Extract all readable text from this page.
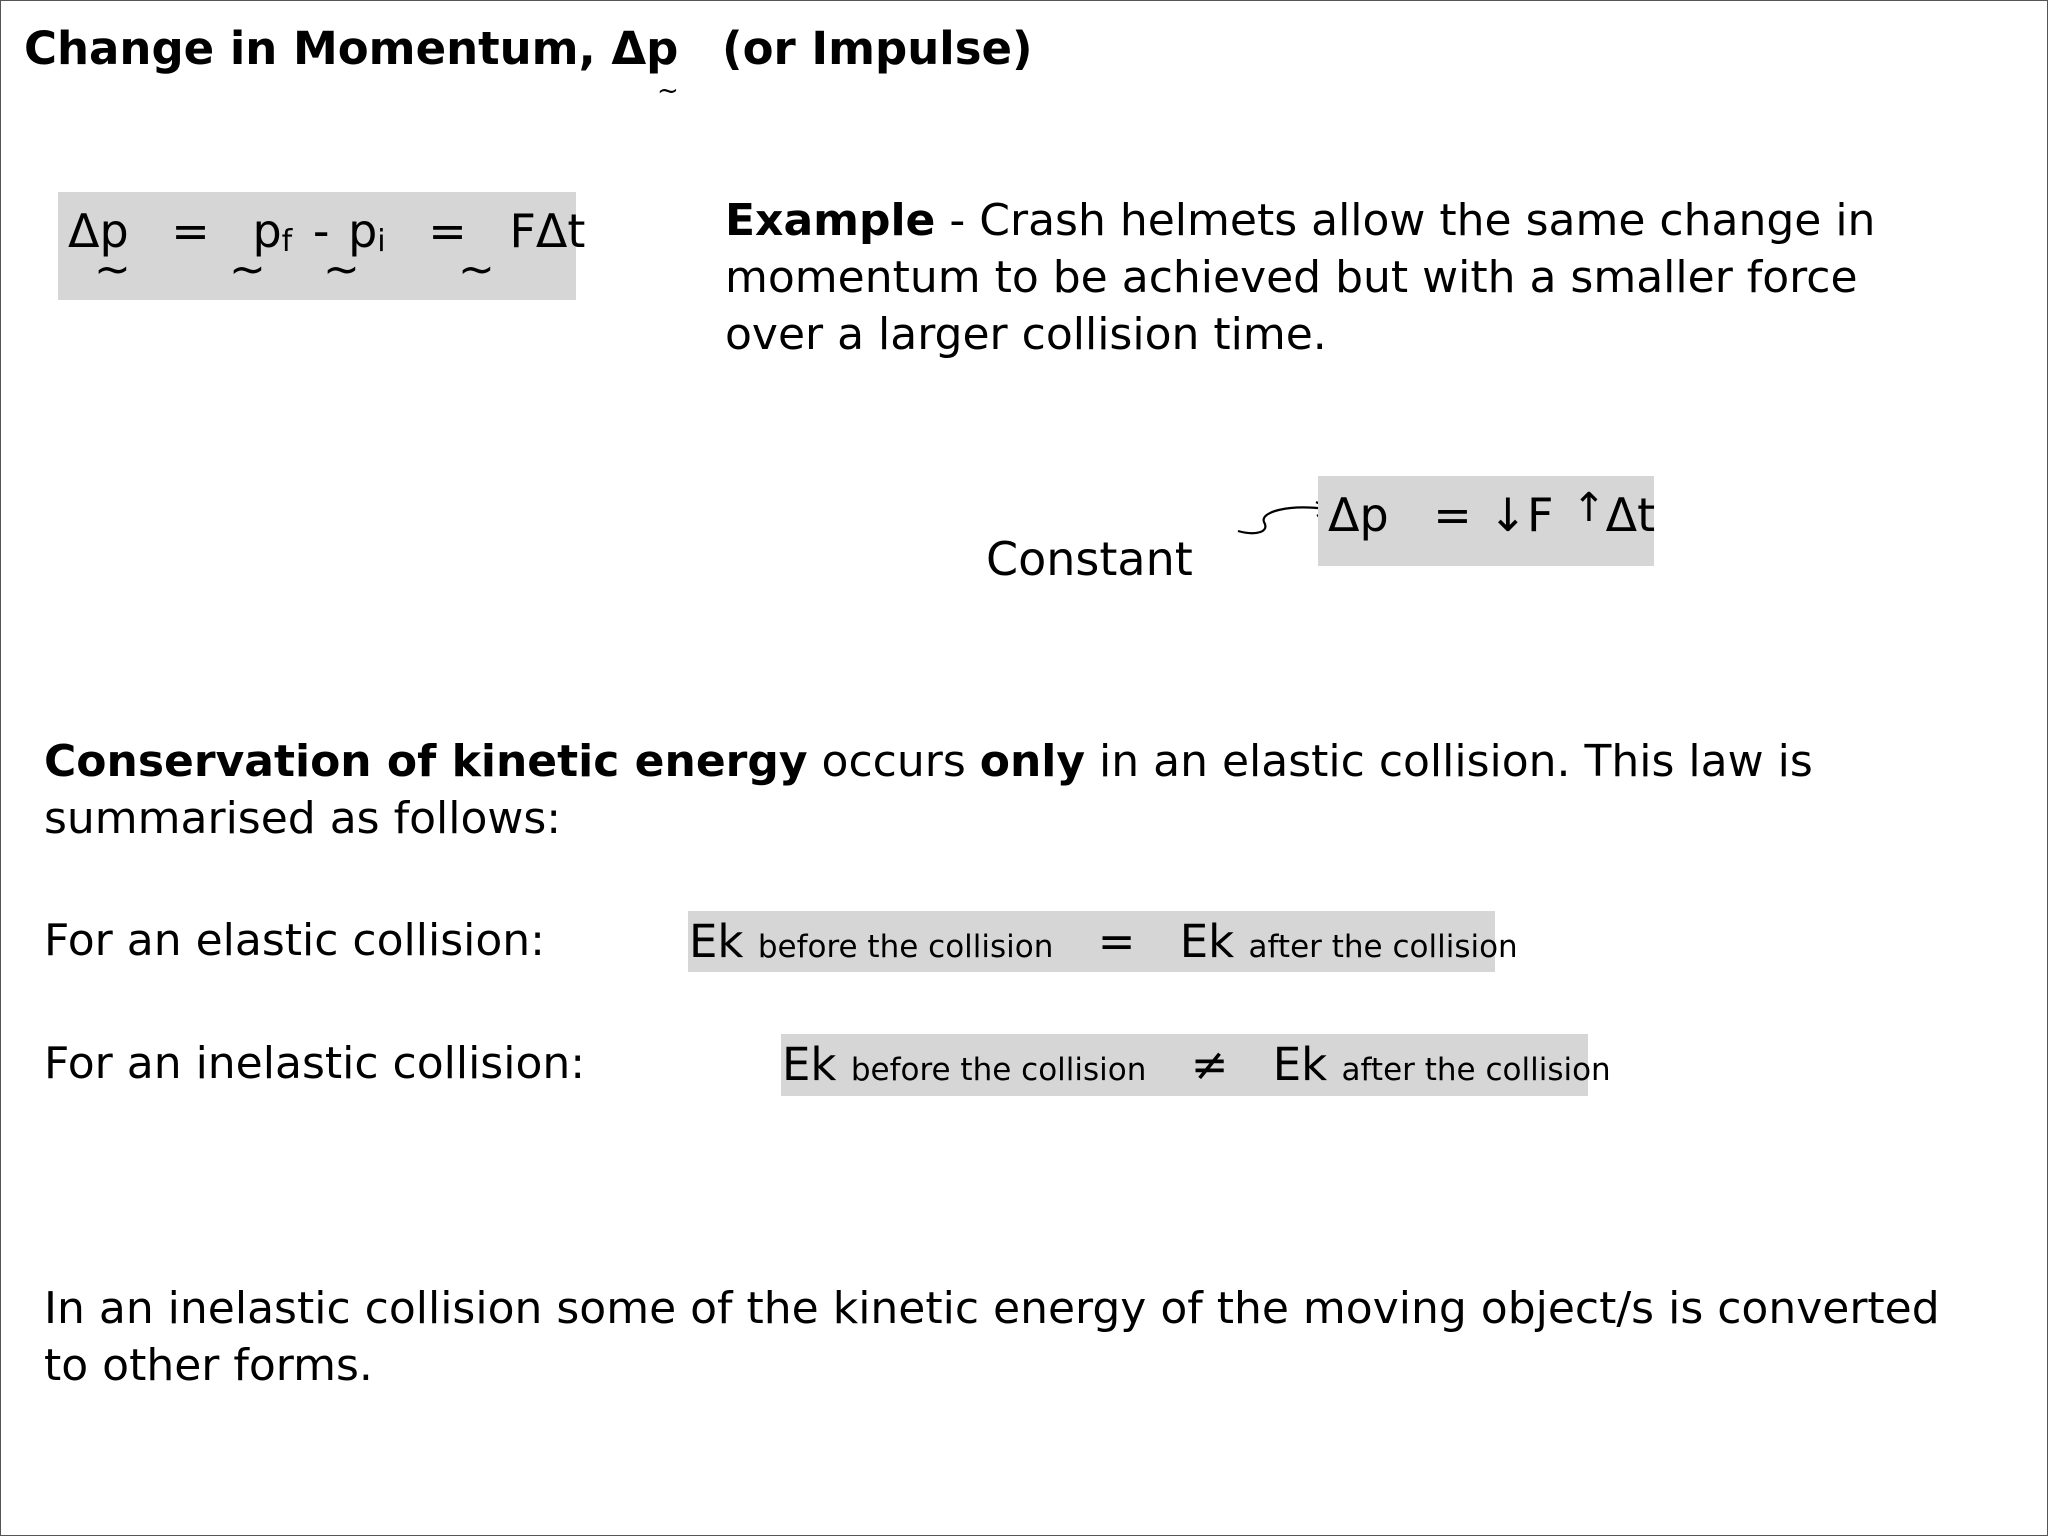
Change in Momentum, Δp
~
(or Impulse)
Δp = pf - pi = FΔt
~ ~ ~ ~
Example - Crash helmets allow the same change in momentum to be achieved but with a smaller force over a larger collision time.
Constant
Δp = ↓F ↑Δt
Conservation of kinetic energy occurs only in an elastic collision. This law is
summarised as follows:
For an elastic collision:	Ek before the collision = Ek after the collision
For an inelastic collision:	Ek before the collision ≠ Ek after the collision
In an inelastic collision some of the kinetic energy of the moving object/s is converted
to other forms.
